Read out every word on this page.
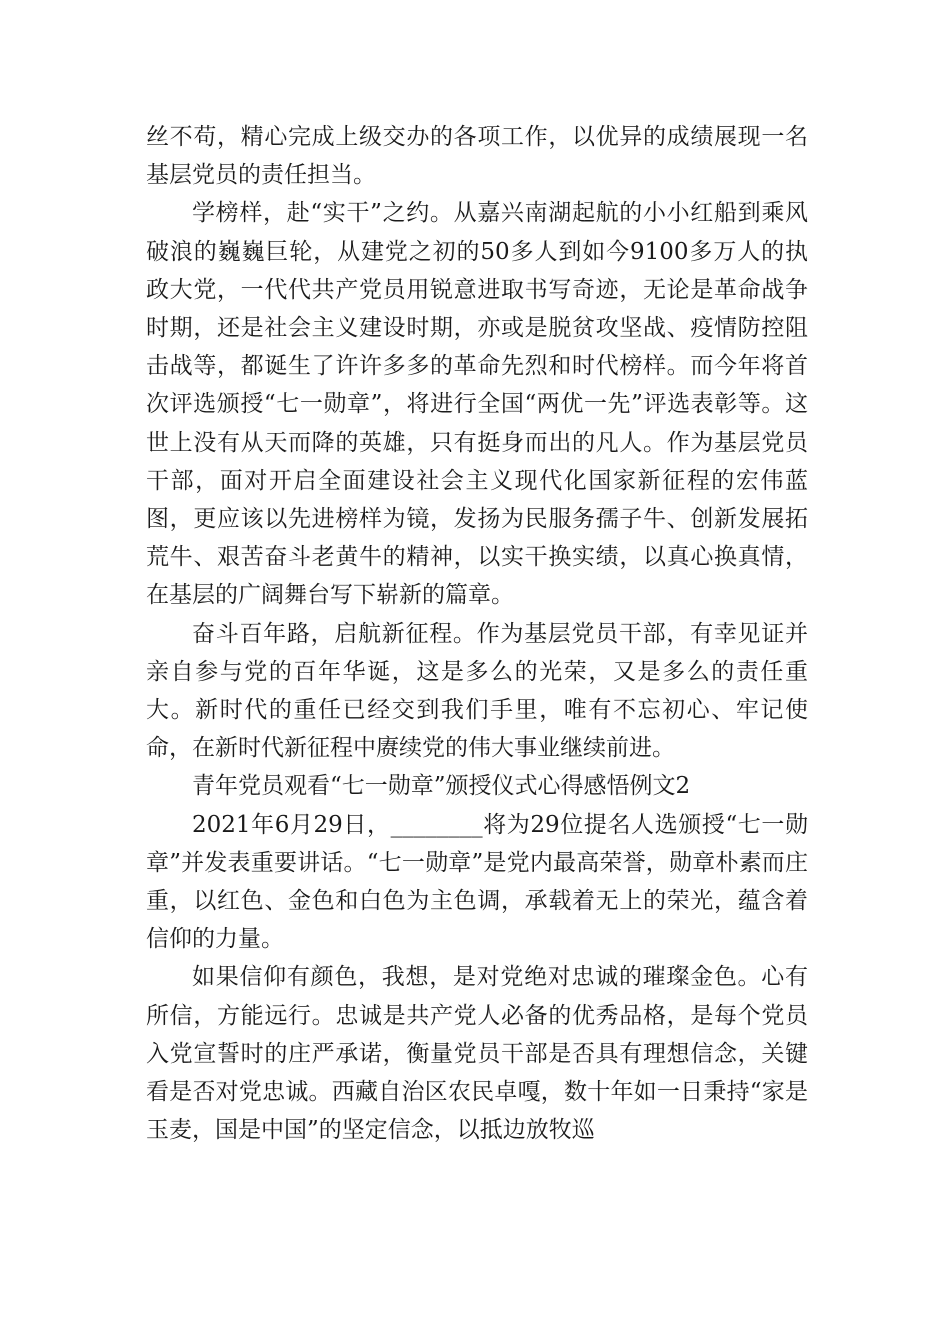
丝不苟，精心完成上级交办的各项工作，以优异的成绩展现一名基层党员的责任担当。

学榜样，赴“实干”之约。从嘉兴南湖起航的小小红船到乘风破浪的巍巍巨轮，从建党之初的50多人到如今9100多万人的执政大党，一代代共产党员用锐意进取书写奇迹，无论是革命战争时期，还是社会主义建设时期，亦或是脱贫攻坚战、疫情防控阻击战等，都诞生了许许多多的革命先烈和时代榜样。而今年将首次评选颁授“七一勋章”，将进行全国“两优一先”评选表彰等。这世上没有从天而降的英雄，只有挺身而出的凡人。作为基层党员干部，面对开启全面建设社会主义现代化国家新征程的宏伟蓝图，更应该以先进榜样为镜，发扬为民服务孺子牛、创新发展拓荒牛、艰苦奋斗老黄牛的精神，以实干换实绩，以真心换真情，在基层的广阔舞台写下崭新的篇章。

奋斗百年路，启航新征程。作为基层党员干部，有幸见证并亲自参与党的百年华诞，这是多么的光荣，又是多么的责任重大。新时代的重任已经交到我们手里，唯有不忘初心、牢记使命，在新时代新征程中赓续党的伟大事业继续前进。

青年党员观看“七一勋章”颁授仪式心得感悟例文2

2021年6月29日，________将为29位提名人选颁授“七一勋章”并发表重要讲话。“七一勋章”是党内最高荣誉，勋章朴素而庄重，以红色、金色和白色为主色调，承载着无上的荣光，蕴含着信仰的力量。

如果信仰有颜色，我想，是对党绝对忠诚的璀璨金色。心有所信，方能远行。忠诚是共产党人必备的优秀品格，是每个党员入党宣誓时的庄严承诺，衡量党员干部是否具有理想信念，关键看是否对党忠诚。西藏自治区农民卓嘎，数十年如一日秉持“家是玉麦，国是中国”的坚定信念，以抵边放牧巡
